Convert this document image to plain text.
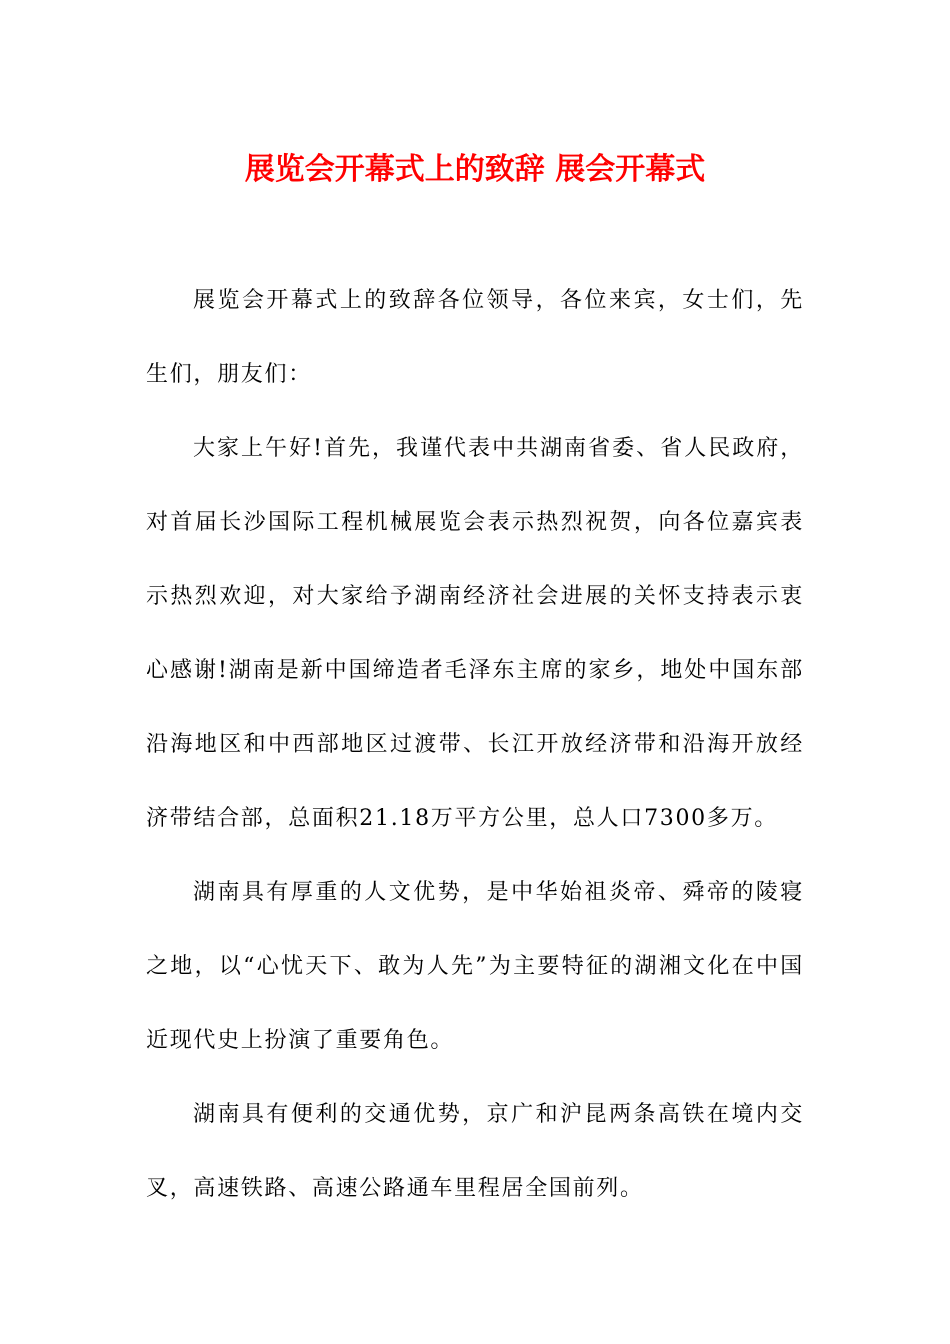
展览会开幕式上的致辞 展会开幕式

展览会开幕式上的致辞各位领导，各位来宾，女士们，先生们，朋友们：

大家上午好!首先，我谨代表中共湖南省委、省人民政府，对首届长沙国际工程机械展览会表示热烈祝贺，向各位嘉宾表示热烈欢迎，对大家给予湖南经济社会进展的关怀支持表示衷心感谢!湖南是新中国缔造者毛泽东主席的家乡，地处中国东部沿海地区和中西部地区过渡带、长江开放经济带和沿海开放经济带结合部，总面积21.18万平方公里，总人口7300多万。

湖南具有厚重的人文优势，是中华始祖炎帝、舜帝的陵寝之地，以“心忧天下、敢为人先”为主要特征的湖湘文化在中国近现代史上扮演了重要角色。

湖南具有便利的交通优势，京广和沪昆两条高铁在境内交叉，高速铁路、高速公路通车里程居全国前列。
